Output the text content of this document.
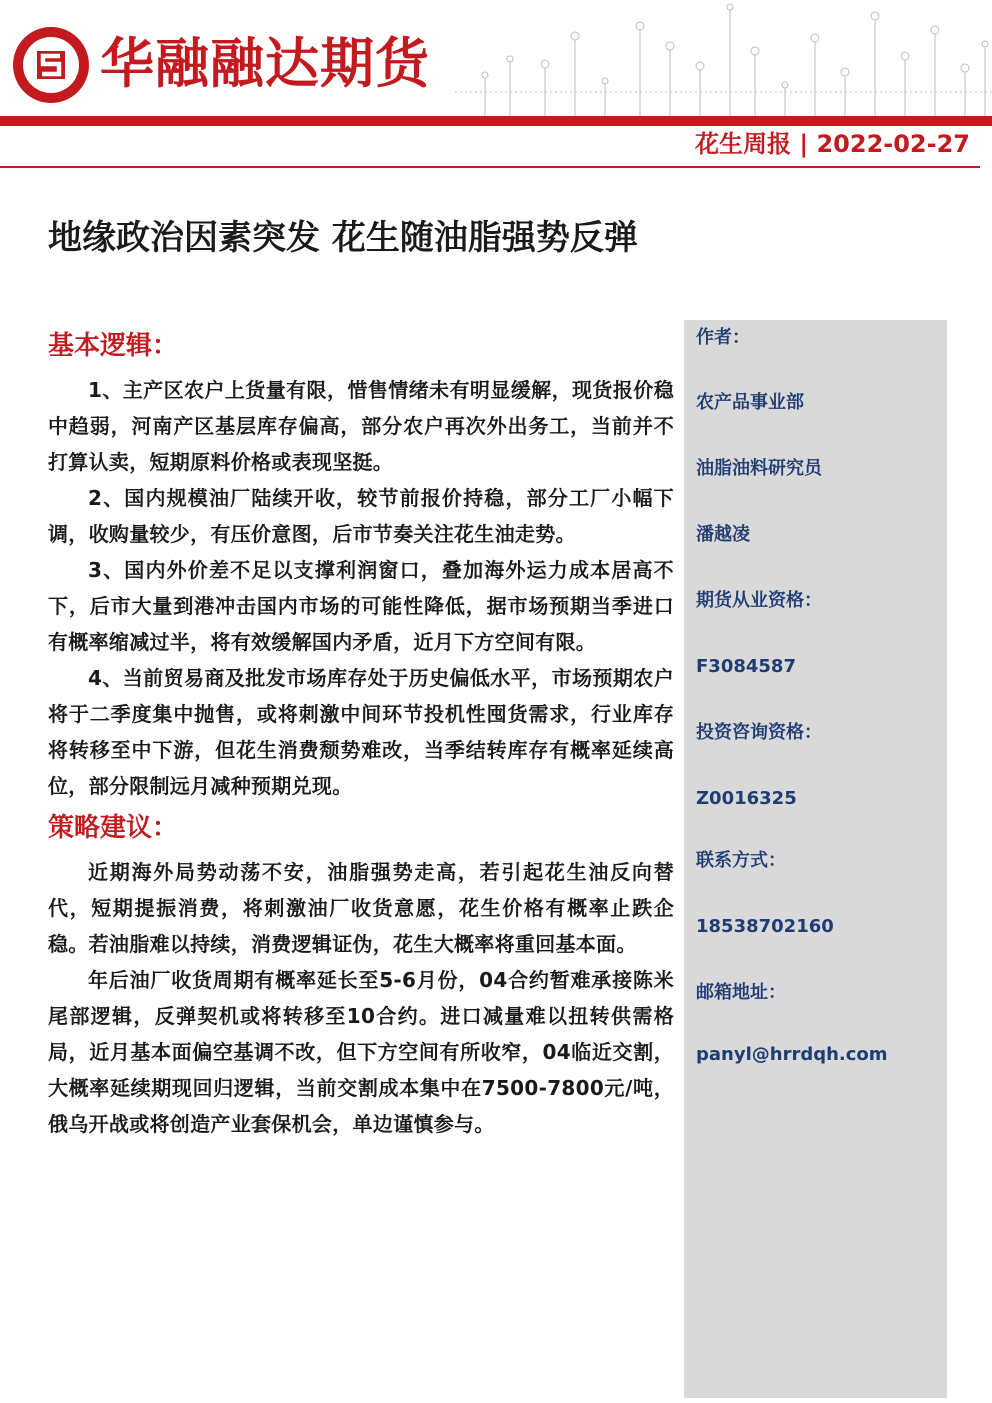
华融融达期货
花生周报 | 2022-02-27
地缘政治因素突发 花生随油脂强势反弹
基本逻辑：

1、主产区农户上货量有限，惜售情绪未有明显缓解，现货报价稳中趋弱，河南产区基层库存偏高，部分农户再次外出务工，当前并不打算认卖，短期原料价格或表现坚挺。

2、国内规模油厂陆续开收，较节前报价持稳，部分工厂小幅下调，收购量较少，有压价意图，后市节奏关注花生油走势。

3、国内外价差不足以支撑利润窗口，叠加海外运力成本居高不下，后市大量到港冲击国内市场的可能性降低，据市场预期当季进口有概率缩减过半，将有效缓解国内矛盾，近月下方空间有限。

4、当前贸易商及批发市场库存处于历史偏低水平，市场预期农户将于二季度集中抛售，或将刺激中间环节投机性囤货需求，行业库存将转移至中下游，但花生消费颓势难改，当季结转库存有概率延续高位，部分限制远月减种预期兑现。

策略建议：

近期海外局势动荡不安，油脂强势走高，若引起花生油反向替代，短期提振消费，将刺激油厂收货意愿，花生价格有概率止跌企稳。若油脂难以持续，消费逻辑证伪，花生大概率将重回基本面。

年后油厂收货周期有概率延长至5-6月份，04合约暂难承接陈米尾部逻辑，反弹契机或将转移至10合约。进口减量难以扭转供需格局，近月基本面偏空基调不改，但下方空间有所收窄，04临近交割，大概率延续期现回归逻辑，当前交割成本集中在7500-7800元/吨，俄乌开战或将创造产业套保机会，单边谨慎参与。

作者：
农产品事业部
油脂油料研究员
潘越凌
期货从业资格：
F3084587
投资咨询资格：
Z0016325
联系方式：
18538702160
邮箱地址：
panyl@hrrdqh.com
